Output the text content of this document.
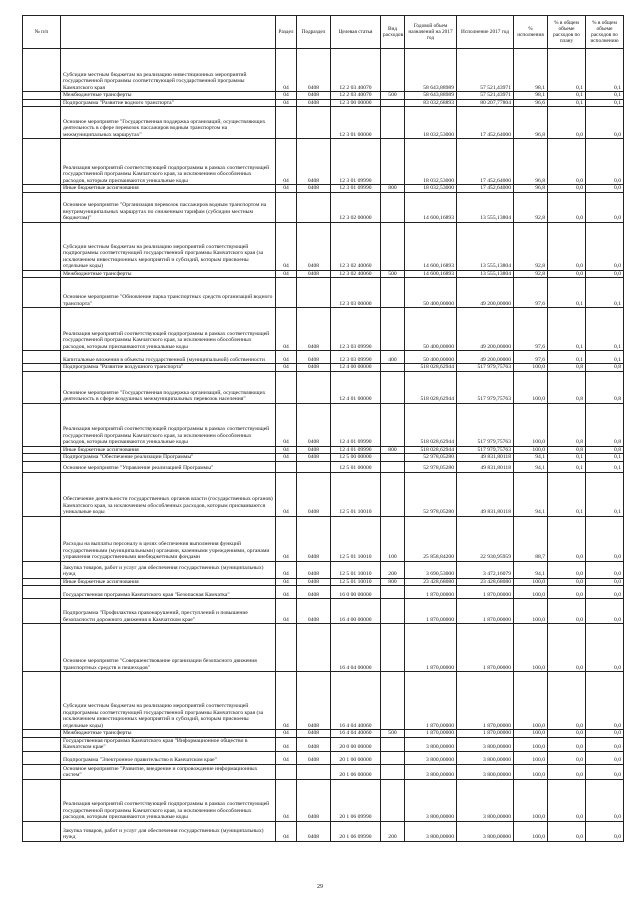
№ п/п		Раздел	Подраздел	Целевая статья	Вид расходов	Годовой объем назначений на 2017 год	Исполнение 2017 год	% исполнения	% в общем объеме расходов по плану	% в общем объеме расходов по исполнению
	Субсидии местным бюджетам на реализацию инвестиционных мероприятий государственной программы соответствующей государственной программы Камчатского края	04	0408	12 2 03 40070		58 643,88989	57 521,43971	98,1	0,1	0,1
	Межбюджетные трансферты	04	0408	12 2 03 40070	500	58 643,88989	57 521,43971	98,1	0,1	0,1
	Подпрограмма "Развитие водного транспорта"	04	0408	12 3 00 00000		83 032,68893	80 207,77804	96,6	0,1	0,1
	Основное мероприятие "Государственная поддержка организаций, осуществляющих деятельность в сфере перевозок пассажиров водным транспортом на межмуниципальных маршрутах"			12 3 01 00000		18 032,53000	17 452,64000	96,8	0,0	0,0
	Реализация мероприятий соответствующей подпрограммы в рамках соответствующей государственной программы Камчатского края, за исключением обособленных расходов, которым присваиваются уникальные коды	04	0408	12 3 01 09990		18 032,53000	17 452,64000	96,8	0,0	0,0
	Иные бюджетные ассигнования	04	0408	12 3 01 09990	800	18 032,53000	17 452,64000	96,8	0,0	0,0
	Основное мероприятие "Организация перевозок пассажиров водным транспортом на внутримуниципальных маршрутах по сниженным тарифам (субсидии местным бюджетам)"			12 3 02 00000		14 600,16893	13 555,13804	92,8	0,0	0,0
	Субсидии местным бюджетам на реализацию мероприятий соответствующей подпрограммы соответствующей государственной программы Камчатского края (за исключением инвестиционных мероприятий и субсидий, которым присвоены отдельные коды)	04	0408	12 3 02 40060		14 600,16893	13 555,13804	92,8	0,0	0,0
	Межбюджетные трансферты	04	0408	12 3 02 40060	500	14 600,16893	13 555,13804	92,8	0,0	0,0
	Основное мероприятие "Обновление парка транспортных средств организаций водного транспорта"			12 3 03 00000		50 400,00000	49 200,00000	97,6	0,1	0,1
	Реализация мероприятий соответствующей подпрограммы в рамках соответствующей государственной программы Камчатского края, за исключением обособленных расходов, которым присваиваются уникальные коды	04	0408	12 3 03 09990		50 400,00000	49 200,00000	97,6	0,1	0,1
	Капитальные вложения в объекты государственной (муниципальной) собственности	04	0408	12 3 03 09990	400	50 400,00000	49 200,00000	97,6	0,1	0,1
	Подпрограмма "Развитие воздушного транспорта"	04	0408	12 4 00 00000		518 028,62944	517 979,75763	100,0	0,8	0,8
	Основное мероприятие "Государственная поддержка организаций, осуществляющих деятельность в сфере воздушных межмуниципальных перевозок населения"			12 4 01 00000		518 028,62944	517 979,75763	100,0	0,8	0,8
	Реализация мероприятий соответствующей подпрограммы в рамках соответствующей государственной программы Камчатского края, за исключением обособленных расходов, которым присваиваются уникальные коды	04	0408	12 4 01 09990		518 028,62944	517 979,75763	100,0	0,8	0,8
	Иные бюджетные ассигнования	04	0408	12 4 01 09990	800	518 028,62944	517 979,75763	100,0	0,8	0,8
	Подпрограмма "Обеспечение реализации Программы"	04	0408	12 5 00 00000		52 978,05280	49 831,80118	94,1	0,1	0,1
	Основное мероприятие "Управление реализацией Программы"			12 5 01 00000		52 978,05280	49 831,80118	94,1	0,1	0,1
	Обеспечение деятельности государственных органов власти (государственных органов) Камчатского края, за исключением обособленных расходов, которым присваиваются уникальные коды	04	0408	12 5 01 10010		52 978,05280	49 831,80118	94,1	0,1	0,1
	Расходы на выплаты персоналу в целях обеспечения выполнения функций государственными (муниципальными) органами, казенными учреждениями, органами управления государственными внебюджетными фондами	04	0408	12 5 01 10010	100	25 858,84200	22 930,95959	88,7	0,0	0,0
	Закупка товаров, работ и услуг для обеспечения государственных (муниципальных) нужд	04	0408	12 5 01 10010	200	3 690,53000	3 472,16079	94,1	0,0	0,0
	Иные бюджетные ассигнования	04	0408	12 5 01 10010	800	23 428,68080	23 428,68080	100,0	0,0	0,0
	Государственная программа Камчатского края "Безопасная Камчатка"	04	0408	16 0 00 00000		1 870,00000	1 870,00000	100,0	0,0	0,0
	Подпрограмма "Профилактика правонарушений, преступлений и повышение безопасности дорожного движения в Камчатском крае"	04	0408	16 4 00 00000		1 870,00000	1 870,00000	100,0	0,0	0,0
	Основное мероприятие "Совершенствование организации безопасного движения транспортных средств и пешеходов"			16 4 04 00000		1 870,00000	1 870,00000	100,0	0,0	0,0
	Субсидии местным бюджетам на реализацию мероприятий соответствующей подпрограммы соответствующей государственной программы Камчатского края (за исключением инвестиционных мероприятий и субсидий, которым присвоены отдельные коды)	04	0408	16 4 04 40060		1 870,00000	1 870,00000	100,0	0,0	0,0
	Межбюджетные трансферты	04	0408	16 4 04 40060	500	1 870,00000	1 870,00000	100,0	0,0	0,0
	Государственная программа Камчатского края "Информационное общество в Камчатском крае"	04	0408	20 0 00 00000		3 800,00000	3 800,00000	100,0	0,0	0,0
	Подпрограмма "Электронное правительство в Камчатском крае"	04	0408	20 1 00 00000		3 800,00000	3 800,00000	100,0	0,0	0,0
	Основное мероприятие "Развитие, внедрение и сопровождение информационных систем"			20 1 06 00000		3 800,00000	3 800,00000	100,0	0,0	0,0
	Реализация мероприятий соответствующей подпрограммы в рамках соответствующей государственной программы Камчатского края, за исключением обособленных расходов, которым присваиваются уникальные коды	04	0408	20 1 06 09990		3 800,00000	3 800,00000	100,0	0,0	0,0
	Закупка товаров, работ и услуг для обеспечения государственных (муниципальных) нужд	04	0408	20 1 06 09990	200	3 800,00000	3 800,00000	100,0	0,0	0,0
29
